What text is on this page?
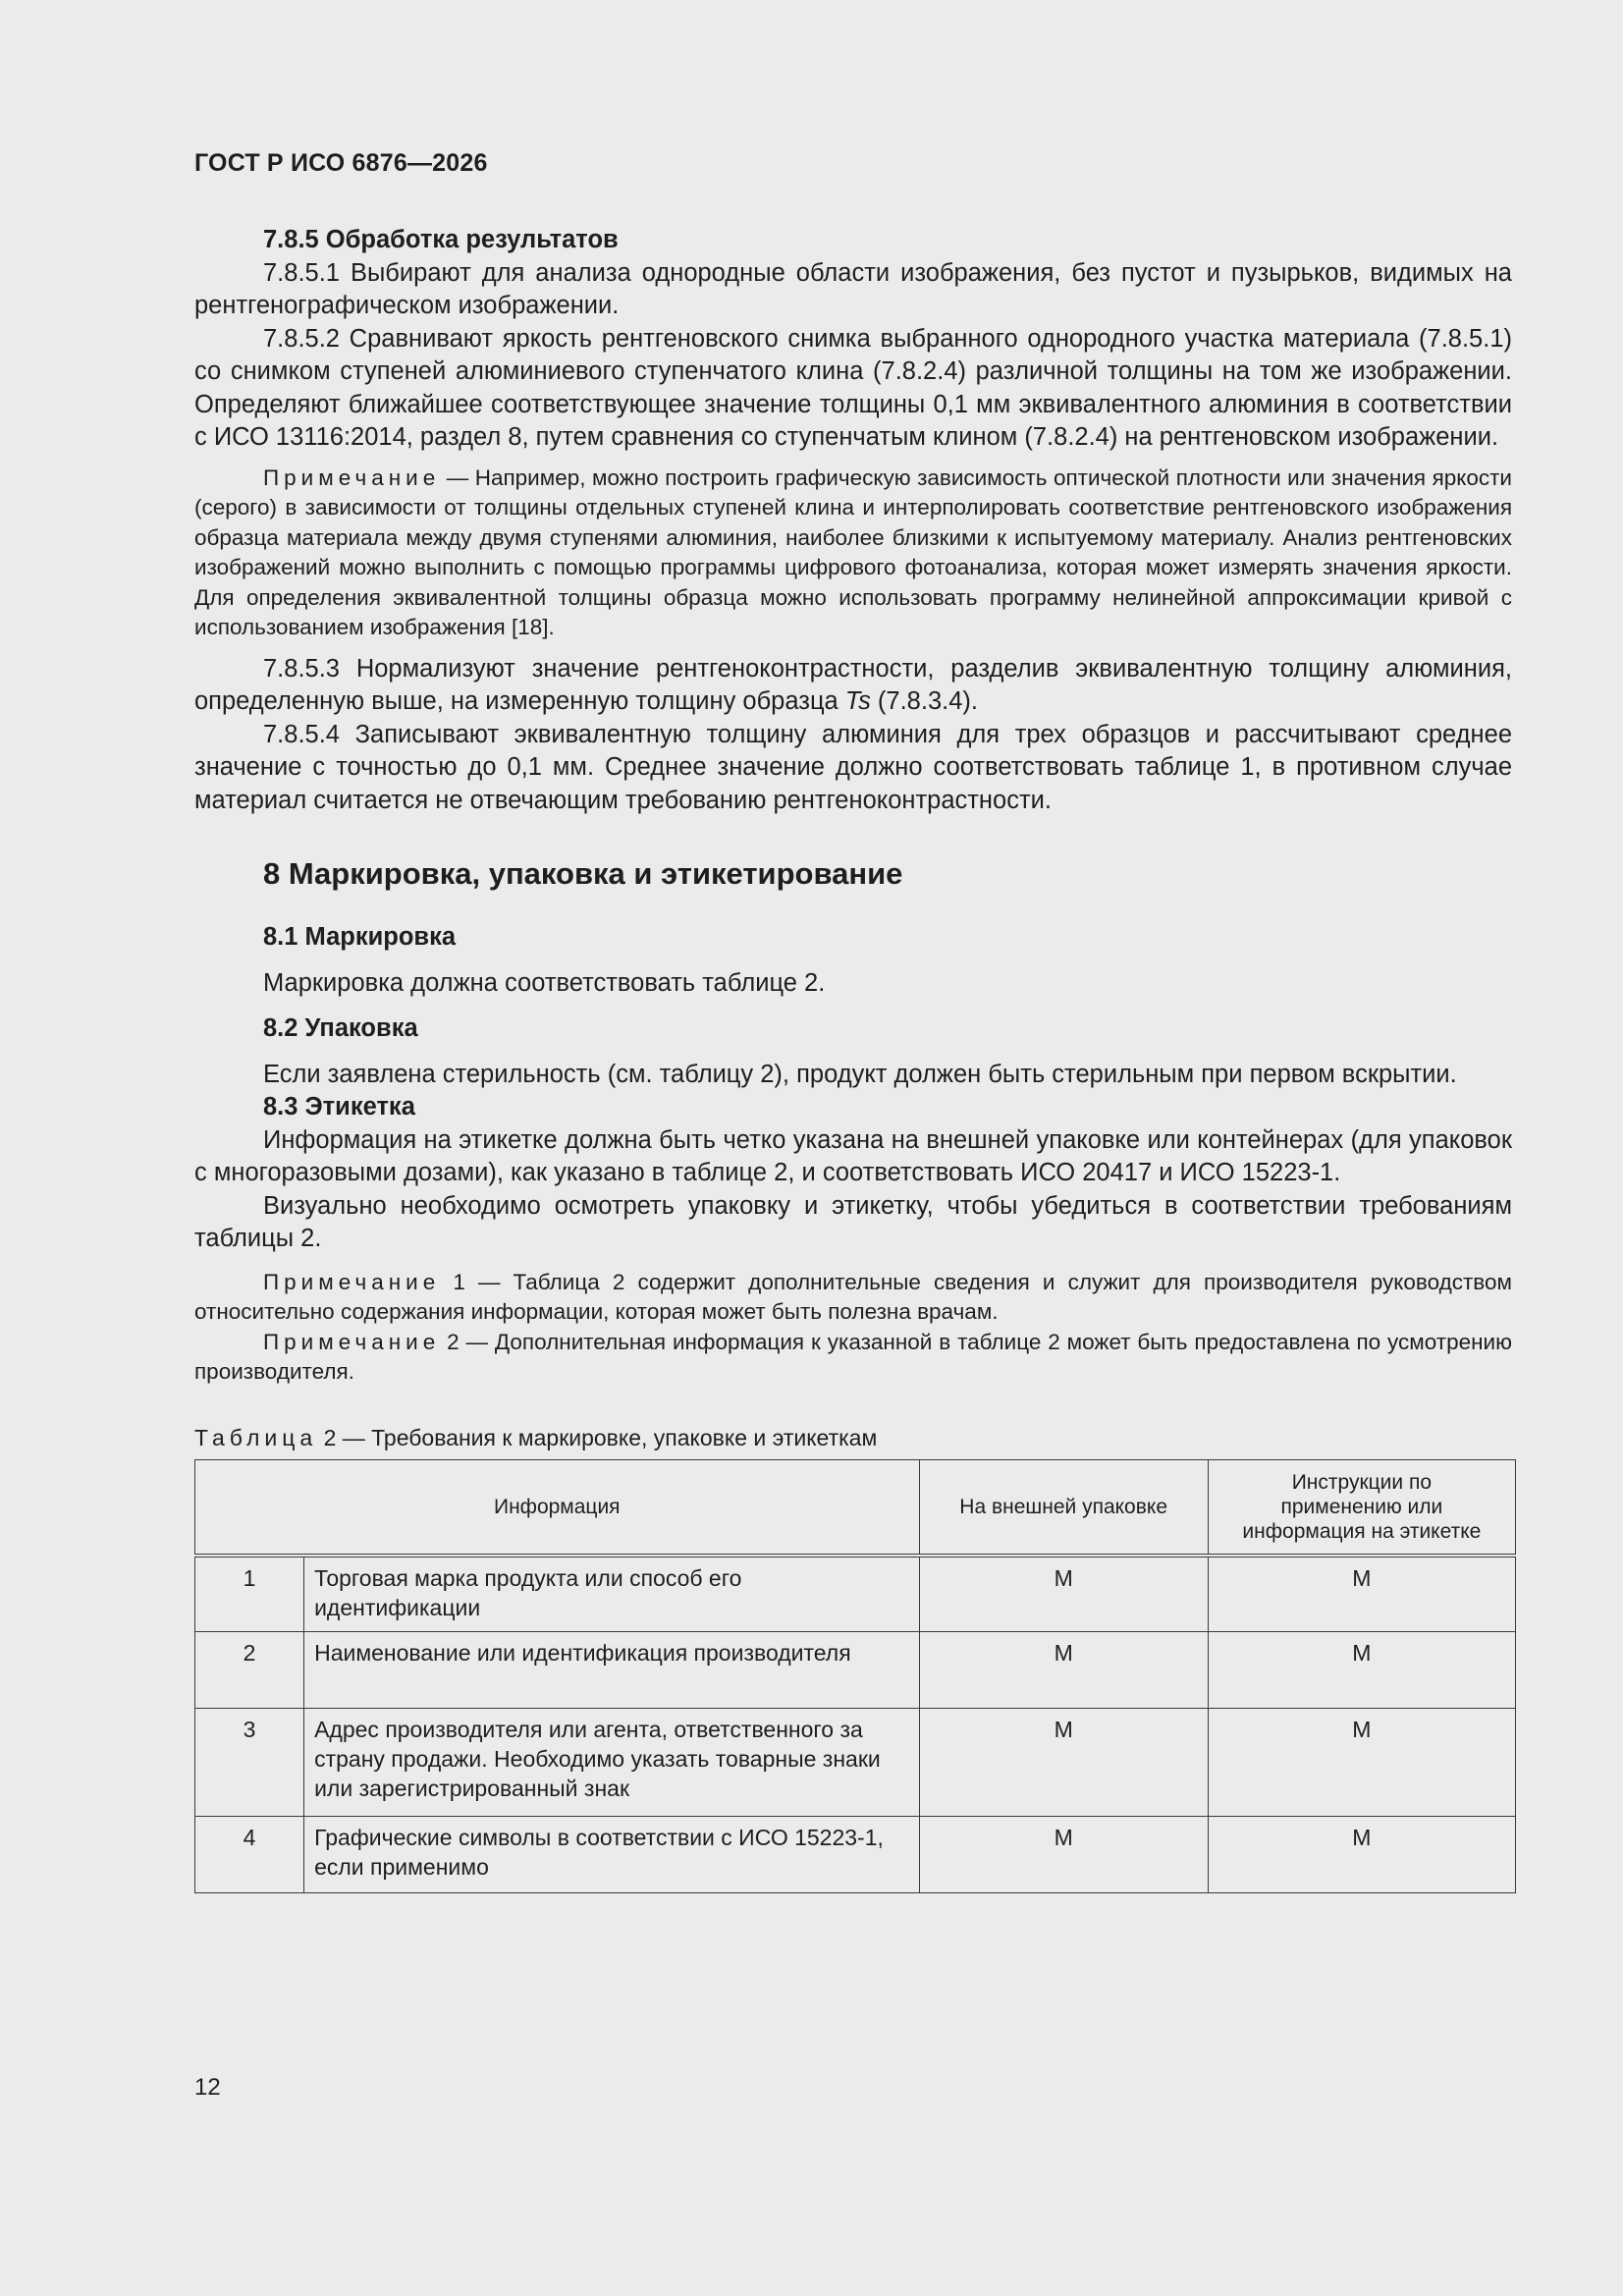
ГОСТ Р ИСО 6876—2026

7.8.5 Обработка результатов

7.8.5.1 Выбирают для анализа однородные области изображения, без пустот и пузырьков, видимых на рентгенографическом изображении.

7.8.5.2 Сравнивают яркость рентгеновского снимка выбранного однородного участка материала (7.8.5.1) со снимком ступеней алюминиевого ступенчатого клина (7.8.2.4) различной толщины на том же изображении. Определяют ближайшее соответствующее значение толщины 0,1 мм эквивалентного алюминия в соответствии с ИСО 13116:2014, раздел 8, путем сравнения со ступенчатым клином (7.8.2.4) на рентгеновском изображении.

Примечание — Например, можно построить графическую зависимость оптической плотности или значения яркости (серого) в зависимости от толщины отдельных ступеней клина и интерполировать соответствие рентгеновского изображения образца материала между двумя ступенями алюминия, наиболее близкими к испытуемому материалу. Анализ рентгеновских изображений можно выполнить с помощью программы цифрового фотоанализа, которая может измерять значения яркости. Для определения эквивалентной толщины образца можно использовать программу нелинейной аппроксимации кривой с использованием изображения [18].

7.8.5.3 Нормализуют значение рентгеноконтрастности, разделив эквивалентную толщину алюминия, определенную выше, на измеренную толщину образца Ts (7.8.3.4).

7.8.5.4 Записывают эквивалентную толщину алюминия для трех образцов и рассчитывают среднее значение с точностью до 0,1 мм. Среднее значение должно соответствовать таблице 1, в противном случае материал считается не отвечающим требованию рентгеноконтрастности.

8 Маркировка, упаковка и этикетирование

8.1 Маркировка

Маркировка должна соответствовать таблице 2.

8.2 Упаковка

Если заявлена стерильность (см. таблицу 2), продукт должен быть стерильным при первом вскрытии.

8.3 Этикетка

Информация на этикетке должна быть четко указана на внешней упаковке или контейнерах (для упаковок с многоразовыми дозами), как указано в таблице 2, и соответствовать ИСО 20417 и ИСО 15223-1.

Визуально необходимо осмотреть упаковку и этикетку, чтобы убедиться в соответствии требованиям таблицы 2.

Примечание 1 — Таблица 2 содержит дополнительные сведения и служит для производителя руководством относительно содержания информации, которая может быть полезна врачам.

Примечание 2 — Дополнительная информация к указанной в таблице 2 может быть предоставлена по усмотрению производителя.

Таблица 2 — Требования к маркировке, упаковке и этикеткам

Информация		На внешней упаковке	Инструкции по применению или информация на этикетке
1	Торговая марка продукта или способ его идентификации	M	M
2	Наименование или идентификация производителя	M	M
3	Адрес производителя или агента, ответственного за страну продажи. Необходимо указать товарные знаки или зарегистрированный знак	M	M
4	Графические символы в соответствии с ИСО 15223-1, если применимо	M	M
12
